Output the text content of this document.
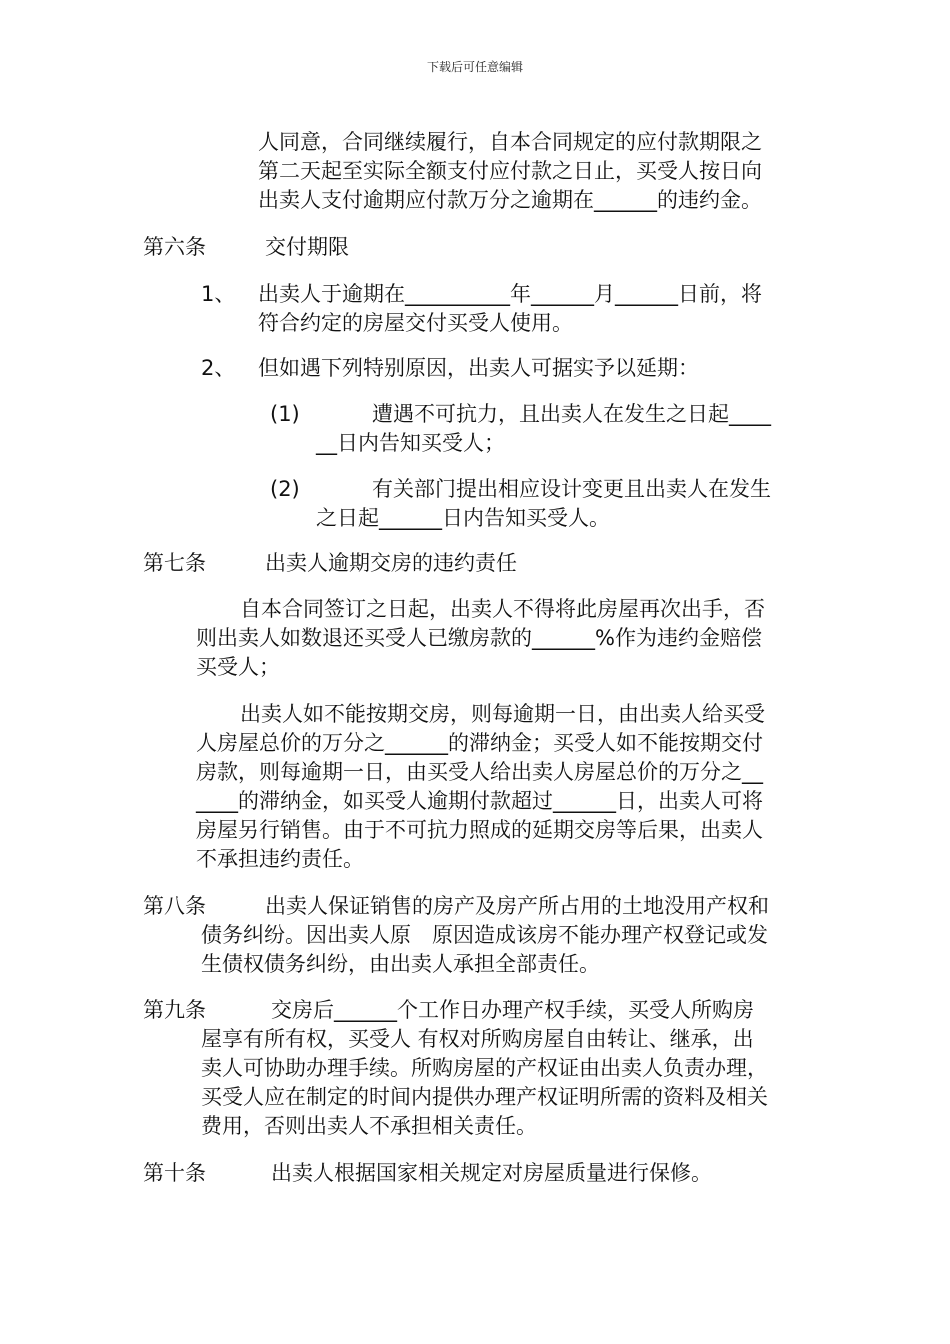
下载后可任意编辑
人同意，合同继续履行，自本合同规定的应付款期限之
第二天起至实际全额支付应付款之日止，买受人按日向
出卖人支付逾期应付款万分之逾期在______的违约金。
第六条	交付期限
1、 出卖人于逾期在__________年______月______日前，将
符合约定的房屋交付买受人使用。
2、 但如遇下列特别原因，出卖人可据实予以延期：
(1)	遭遇不可抗力，且出卖人在发生之日起____
__日内告知买受人；
(2)	有关部门提出相应设计变更且出卖人在发生
之日起______日内告知买受人。
第七条	出卖人逾期交房的违约责任
自本合同签订之日起，出卖人不得将此房屋再次出手，否
则出卖人如数退还买受人已缴房款的______%作为违约金赔偿
买受人；
出卖人如不能按期交房，则每逾期一日，由出卖人给买受
人房屋总价的万分之______的滞纳金；买受人如不能按期交付
房款，则每逾期一日，由买受人给出卖人房屋总价的万分之__
____的滞纳金，如买受人逾期付款超过______日，出卖人可将
房屋另行销售。由于不可抗力照成的延期交房等后果，出卖人
不承担违约责任。
第八条	出卖人保证销售的房产及房产所占用的土地没用产权和
债务纠纷。因出卖人原　原因造成该房不能办理产权登记或发
生债权债务纠纷，由出卖人承担全部责任。
第九条	交房后______个工作日办理产权手续，买受人所购房
屋享有所有权，买受人 有权对所购房屋自由转让、继承，出
卖人可协助办理手续。所购房屋的产权证由出卖人负责办理，
买受人应在制定的时间内提供办理产权证明所需的资料及相关
费用，否则出卖人不承担相关责任。
第十条	出卖人根据国家相关规定对房屋质量进行保修。
